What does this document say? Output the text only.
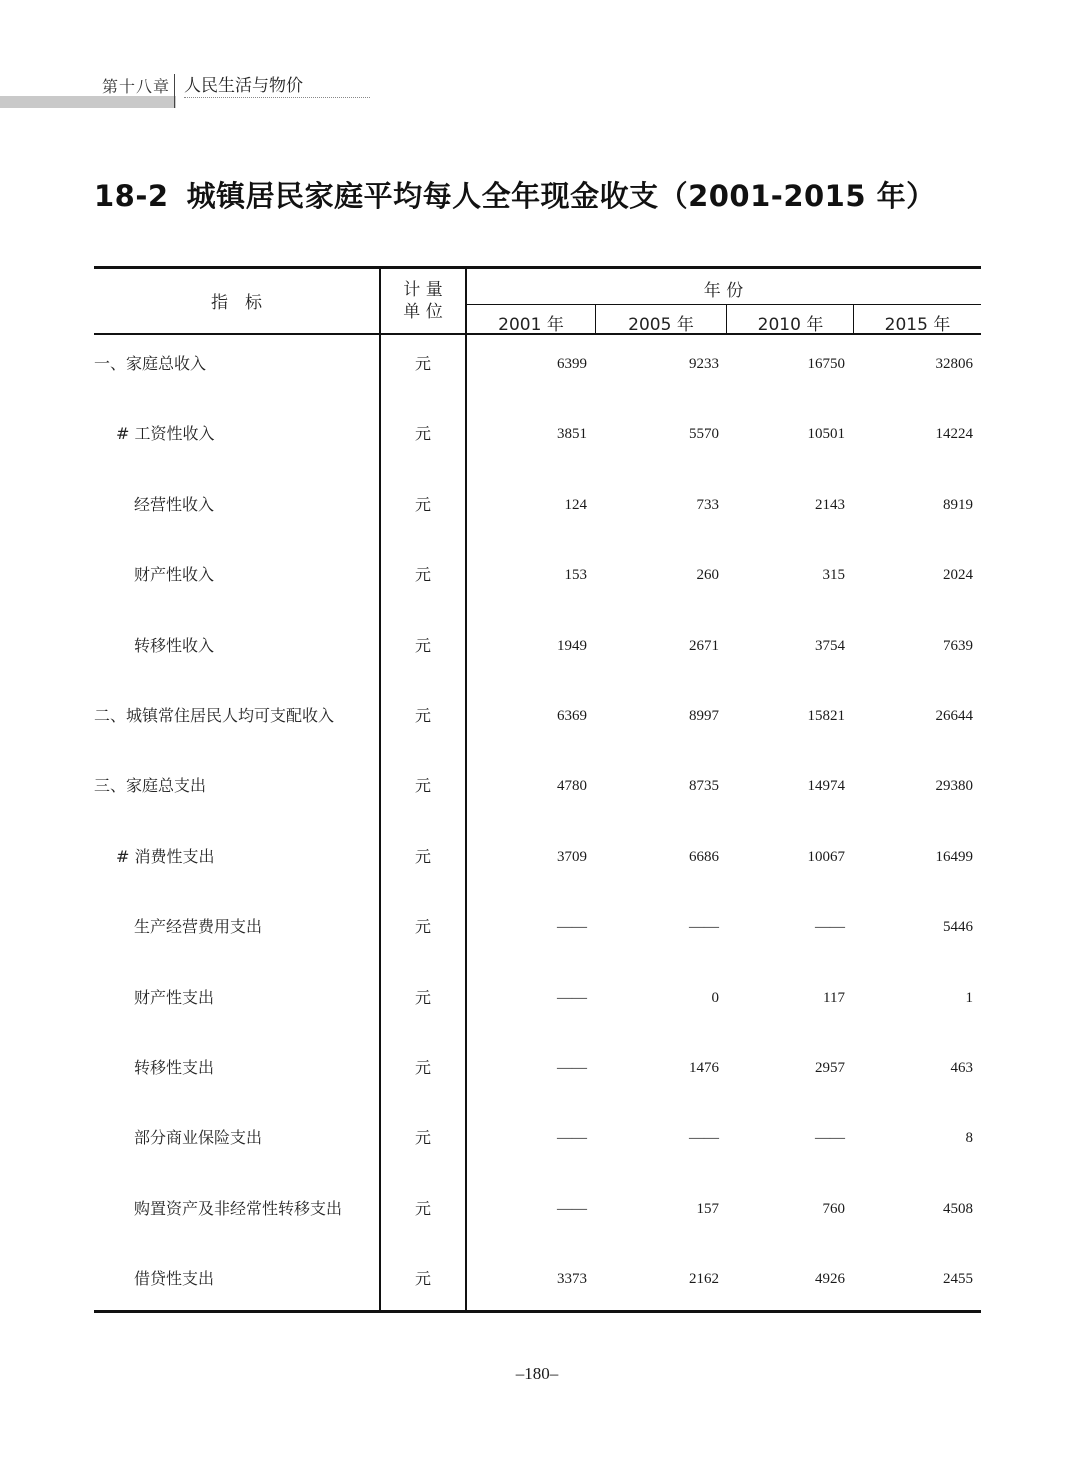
第十八章 人民生活与物价
18-2 城镇居民家庭平均每人全年现金收支（2001-2015 年）
指　标
计 量
单 位
年 份
2001 年	2005 年	2010 年	2015 年
一、家庭总收入	元	6399	9233	16750	32806
# 工资性收入	元	3851	5570	10501	14224
经营性收入	元	124	733	2143	8919
财产性收入	元	153	260	315	2024
转移性收入	元	1949	2671	3754	7639
二、城镇常住居民人均可支配收入	元	6369	8997	15821	26644
三、家庭总支出	元	4780	8735	14974	29380
# 消费性支出	元	3709	6686	10067	16499
生产经营费用支出	元	——	——	——	5446
财产性支出	元	——	0	117	1
转移性支出	元	——	1476	2957	463
部分商业保险支出	元	——	——	——	8
购置资产及非经常性转移支出	元	——	157	760	4508
借贷性支出	元	3373	2162	4926	2455
–180–
